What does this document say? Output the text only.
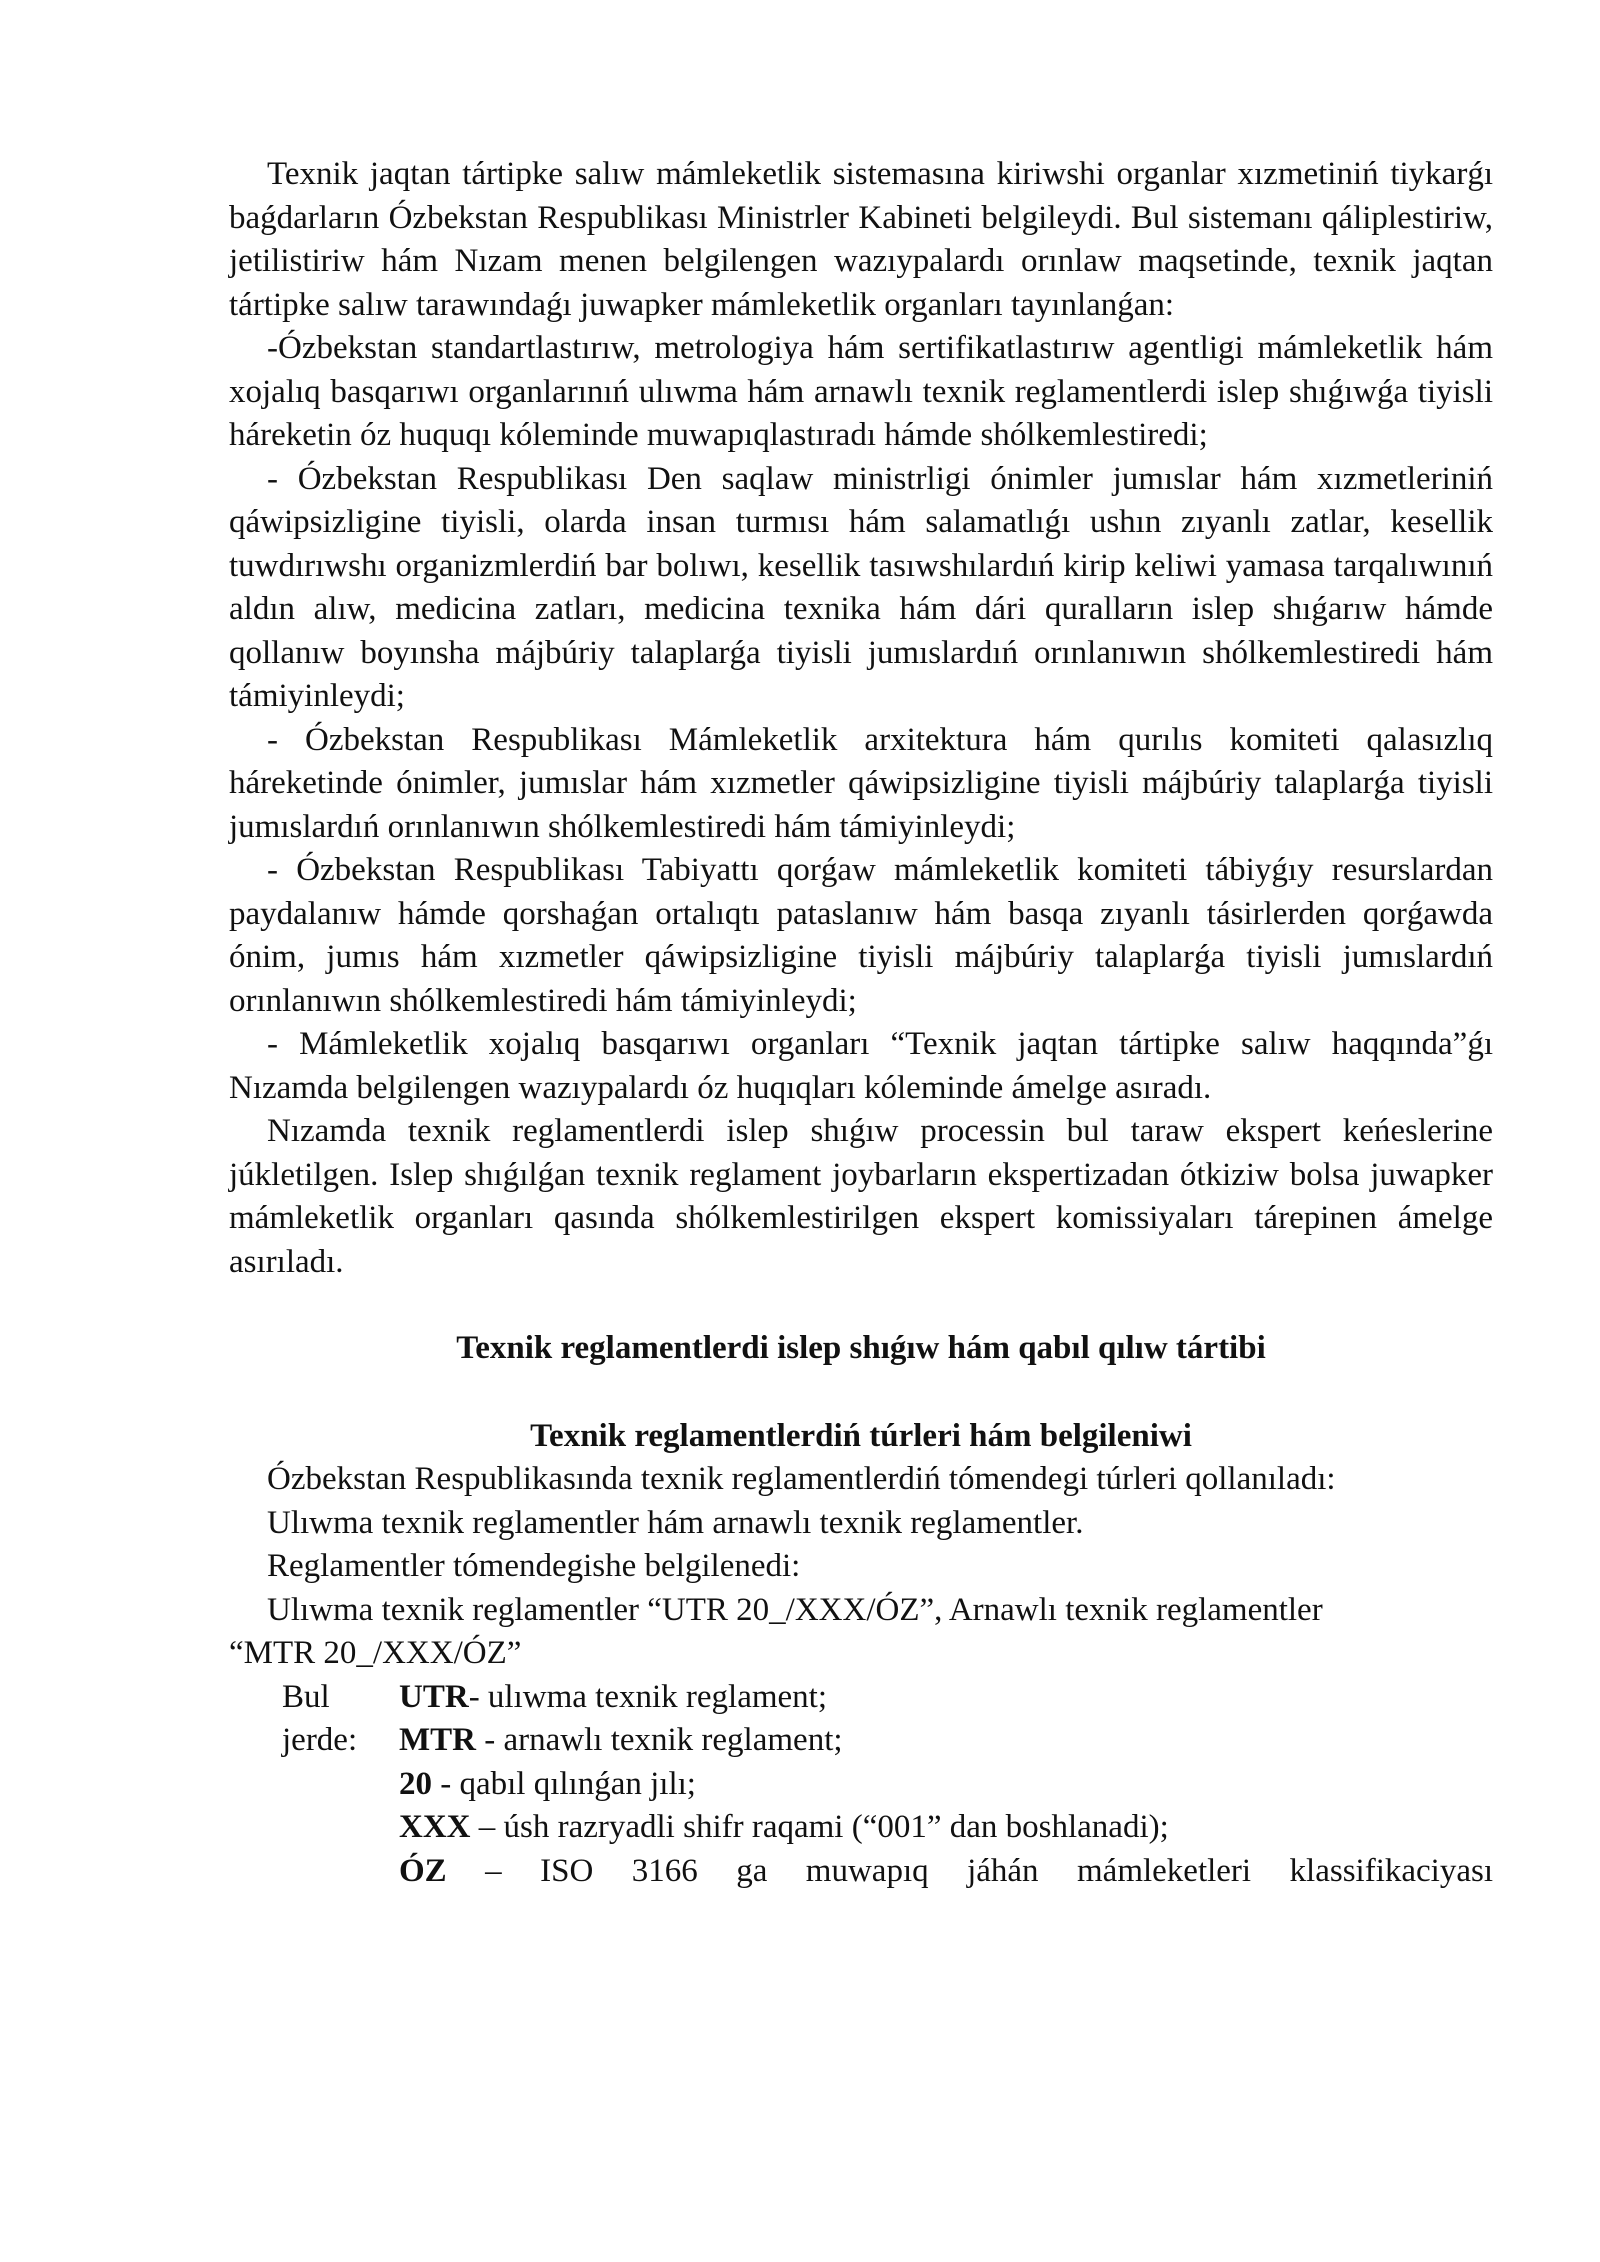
Texnik jaqtan tártipke salıw mámleketlik sistemasına kiriwshi organlar xızmetiniń tiykarǵı baǵdarların Ózbekstan Respublikası Ministrler Kabineti belgileydi. Bul sistemanı qáliplestiriw, jetilistiriw hám Nızam menen belgilengen wazıypalardı orınlaw maqsetinde, texnik jaqtan tártipke salıw tarawındaǵı juwapker mámleketlik organları tayınlanǵan:

-Ózbekstan standartlastırıw, metrologiya hám sertifikatlastırıw agentligi mámleketlik hám xojalıq basqarıwı organlarınıń ulıwma hám arnawlı texnik reglamentlerdi islep shıǵıwǵa tiyisli háreketin óz huquqı kóleminde muwapıqlastıradı hámde shólkemlestiredi;

- Ózbekstan Respublikası Den saqlaw ministrligi ónimler jumıslar hám xızmetleriniń qáwipsizligine tiyisli, olarda insan turmısı hám salamatlıǵı ushın zıyanlı zatlar, kesellik tuwdırıwshı organizmlerdiń bar bolıwı, kesellik tasıwshılardıń kirip keliwi yamasa tarqalıwınıń aldın alıw, medicina zatları, medicina texnika hám dári quralların islep shıǵarıw hámde qollanıw boyınsha májbúriy talaplarǵa tiyisli jumıslardıń orınlanıwın shólkemlestiredi hám támiyinleydi;

- Ózbekstan Respublikası Mámleketlik arxitektura hám qurılıs komiteti qalasızlıq háreketinde ónimler, jumıslar hám xızmetler qáwipsizligine tiyisli májbúriy talaplarǵa tiyisli jumıslardıń orınlanıwın shólkemlestiredi hám támiyinleydi;

- Ózbekstan Respublikası Tabiyattı qorǵaw mámleketlik komiteti tábiyǵıy resurslardan paydalanıw hámde qorshaǵan ortalıqtı pataslanıw hám basqa zıyanlı tásirlerden qorǵawda ónim, jumıs hám xızmetler qáwipsizligine tiyisli májbúriy talaplarǵa tiyisli jumıslardıń orınlanıwın shólkemlestiredi hám támiyinleydi;

- Mámleketlik xojalıq basqarıwı organları “Texnik jaqtan tártipke salıw haqqında”ǵı Nızamda belgilengen wazıypalardı óz huqıqları kóleminde ámelge asıradı.

Nızamda texnik reglamentlerdi islep shıǵıw processin bul taraw ekspert keńeslerine júkletilgen. Islep shıǵılǵan texnik reglament joybarların ekspertizadan ótkiziw bolsa juwapker mámleketlik organları qasında shólkemlestirilgen ekspert komissiyaları tárepinen ámelge asırıladı.

Texnik reglamentlerdi islep shıǵıw hám qabıl qılıw tártibi

Texnik reglamentlerdiń túrleri hám belgileniwi

Ózbekstan Respublikasında texnik reglamentlerdiń tómendegi túrleri qollanıladı:

Ulıwma texnik reglamentler hám arnawlı texnik reglamentler.

Reglamentler tómendegishe belgilenedi:

Ulıwma texnik reglamentler “UTR 20_/XXX/ÓZ”, Arnawlı texnik reglamentler

“MTR 20_/XXX/ÓZ”

Bul jerde:

UTR- ulıwma texnik reglament;

MTR - arnawlı texnik reglament;

20 - qabıl qılınǵan jılı;

XXX – úsh razryadli shifr raqami (“001” dan boshlanadi);

ÓZ – ISO 3166 ga muwapıq jáhán mámleketleri klassifikaciyası
